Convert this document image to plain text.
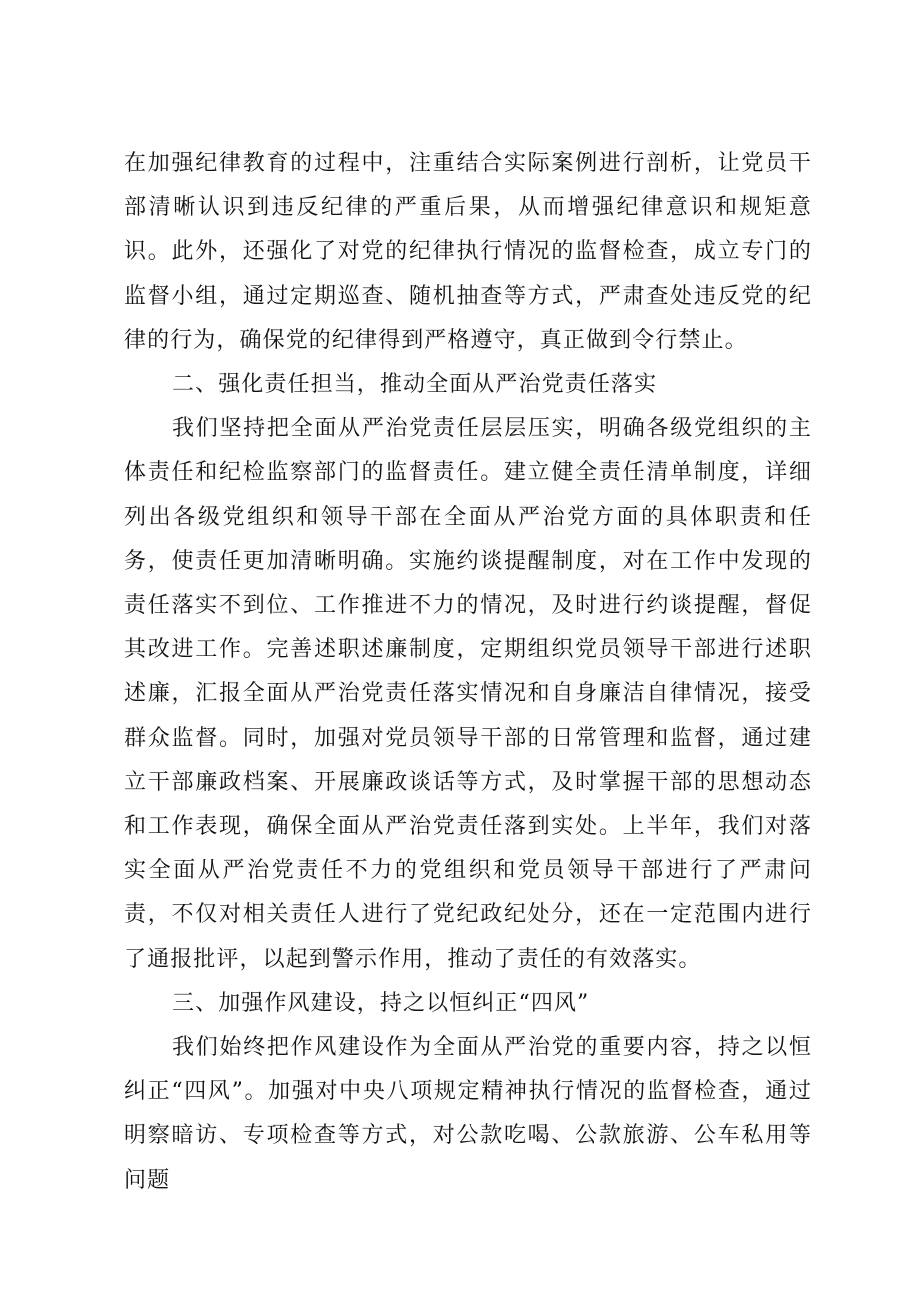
在加强纪律教育的过程中，注重结合实际案例进行剖析，让党员干部清晰认识到违反纪律的严重后果，从而增强纪律意识和规矩意识。此外，还强化了对党的纪律执行情况的监督检查，成立专门的监督小组，通过定期巡查、随机抽查等方式，严肃查处违反党的纪律的行为，确保党的纪律得到严格遵守，真正做到令行禁止。

二、强化责任担当，推动全面从严治党责任落实

我们坚持把全面从严治党责任层层压实，明确各级党组织的主体责任和纪检监察部门的监督责任。建立健全责任清单制度，详细列出各级党组织和领导干部在全面从严治党方面的具体职责和任务，使责任更加清晰明确。实施约谈提醒制度，对在工作中发现的责任落实不到位、工作推进不力的情况，及时进行约谈提醒，督促其改进工作。完善述职述廉制度，定期组织党员领导干部进行述职述廉，汇报全面从严治党责任落实情况和自身廉洁自律情况，接受群众监督。同时，加强对党员领导干部的日常管理和监督，通过建立干部廉政档案、开展廉政谈话等方式，及时掌握干部的思想动态和工作表现，确保全面从严治党责任落到实处。上半年，我们对落实全面从严治党责任不力的党组织和党员领导干部进行了严肃问责，不仅对相关责任人进行了党纪政纪处分，还在一定范围内进行了通报批评，以起到警示作用，推动了责任的有效落实。

三、加强作风建设，持之以恒纠正“四风”

我们始终把作风建设作为全面从严治党的重要内容，持之以恒纠正“四风”。加强对中央八项规定精神执行情况的监督检查，通过明察暗访、专项检查等方式，对公款吃喝、公款旅游、公车私用等问题
